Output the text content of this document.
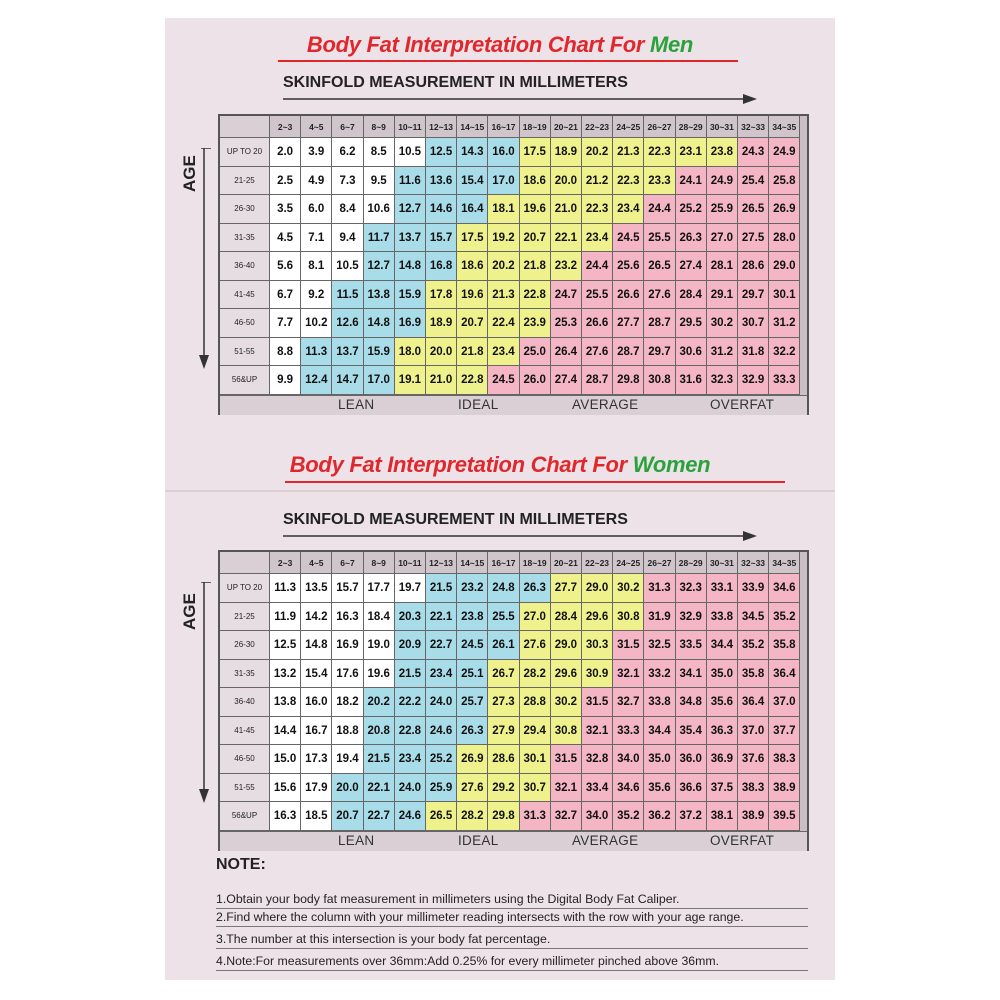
Body Fat Interpretation Chart For Men
SKINFOLD MEASUREMENT IN MILLIMETERS
AGE
2~3	4~5	6~7	8~9	10~11 12~13 14~15 16~17 18~19 20~21 22~23 24~25 26~27 28~29 30~31 32~33 34~35
UP TO 20	2.0	3.9	6.2	8.5	10.5 12.5 14.3 16.0 17.5 18.9 20.2 21.3 22.3 23.1 23.8 24.3 24.9
21-25	2.5	4.9	7.3	9.5	11.6 13.6 15.4 17.0 18.6 20.0 21.2 22.3 23.3 24.1 24.9 25.4 25.8
26-30	3.5	6.0	8.4	10.6 12.7 14.6 16.4 18.1 19.6 21.0 22.3 23.4 24.4 25.2 25.9 26.5 26.9
31-35	4.5	7.1	9.4	11.7 13.7 15.7 17.5 19.2 20.7 22.1 23.4 24.5 25.5 26.3 27.0 27.5 28.0
36-40	5.6	8.1	10.5 12.7 14.8 16.8 18.6 20.2 21.8 23.2 24.4 25.6 26.5 27.4 28.1 28.6 29.0
41-45	6.7	9.2	11.5 13.8 15.9 17.8 19.6 21.3 22.8 24.7 25.5 26.6 27.6 28.4 29.1 29.7 30.1
46-50	7.7	10.2 12.6 14.8 16.9 18.9 20.7 22.4 23.9 25.3 26.6 27.7 28.7 29.5 30.2 30.7 31.2
51-55	8.8	11.3 13.7 15.9 18.0 20.0 21.8 23.4 25.0 26.4 27.6 28.7 29.7 30.6 31.2 31.8 32.2
56&UP	9.9	12.4 14.7 17.0 19.1 21.0 22.8 24.5 26.0 27.4 28.7 29.8 30.8 31.6 32.3 32.9 33.3
LEAN	IDEAL	AVERAGE	OVERFAT
Body Fat Interpretation Chart For Women
SKINFOLD MEASUREMENT IN MILLIMETERS
AGE
2~3	4~5	6~7	8~9	10~11 12~13 14~15 16~17 18~19 20~21 22~23 24~25 26~27 28~29 30~31 32~33 34~35
UP TO 20	11.3 13.5 15.7 17.7 19.7 21.5 23.2 24.8 26.3 27.7 29.0 30.2 31.3 32.3 33.1 33.9 34.6
21-25	11.9 14.2 16.3 18.4 20.3 22.1 23.8 25.5 27.0 28.4 29.6 30.8 31.9 32.9 33.8 34.5 35.2
26-30	12.5 14.8 16.9 19.0 20.9 22.7 24.5 26.1 27.6 29.0 30.3 31.5 32.5 33.5 34.4 35.2 35.8
31-35	13.2 15.4 17.6 19.6 21.5 23.4 25.1 26.7 28.2 29.6 30.9 32.1 33.2 34.1 35.0 35.8 36.4
36-40	13.8 16.0 18.2 20.2 22.2 24.0 25.7 27.3 28.8 30.2 31.5 32.7 33.8 34.8 35.6 36.4 37.0
41-45	14.4 16.7 18.8 20.8 22.8 24.6 26.3 27.9 29.4 30.8 32.1 33.3 34.4 35.4 36.3 37.0 37.7
46-50	15.0 17.3 19.4 21.5 23.4 25.2 26.9 28.6 30.1 31.5 32.8 34.0 35.0 36.0 36.9 37.6 38.3
51-55	15.6 17.9 20.0 22.1 24.0 25.9 27.6 29.2 30.7 32.1 33.4 34.6 35.6 36.6 37.5 38.3 38.9
56&UP	16.3 18.5 20.7 22.7 24.6 26.5 28.2 29.8 31.3 32.7 34.0 35.2 36.2 37.2 38.1 38.9 39.5
LEAN	IDEAL	AVERAGE	OVERFAT
NOTE:
1.Obtain your body fat measurement in millimeters using the Digital Body Fat Caliper.
2.Find where the column with your millimeter reading intersects with the row with your age range.
3.The number at this intersection is your body fat percentage.
4.Note:For measurements over 36mm:Add 0.25% for every millimeter pinched above 36mm.
